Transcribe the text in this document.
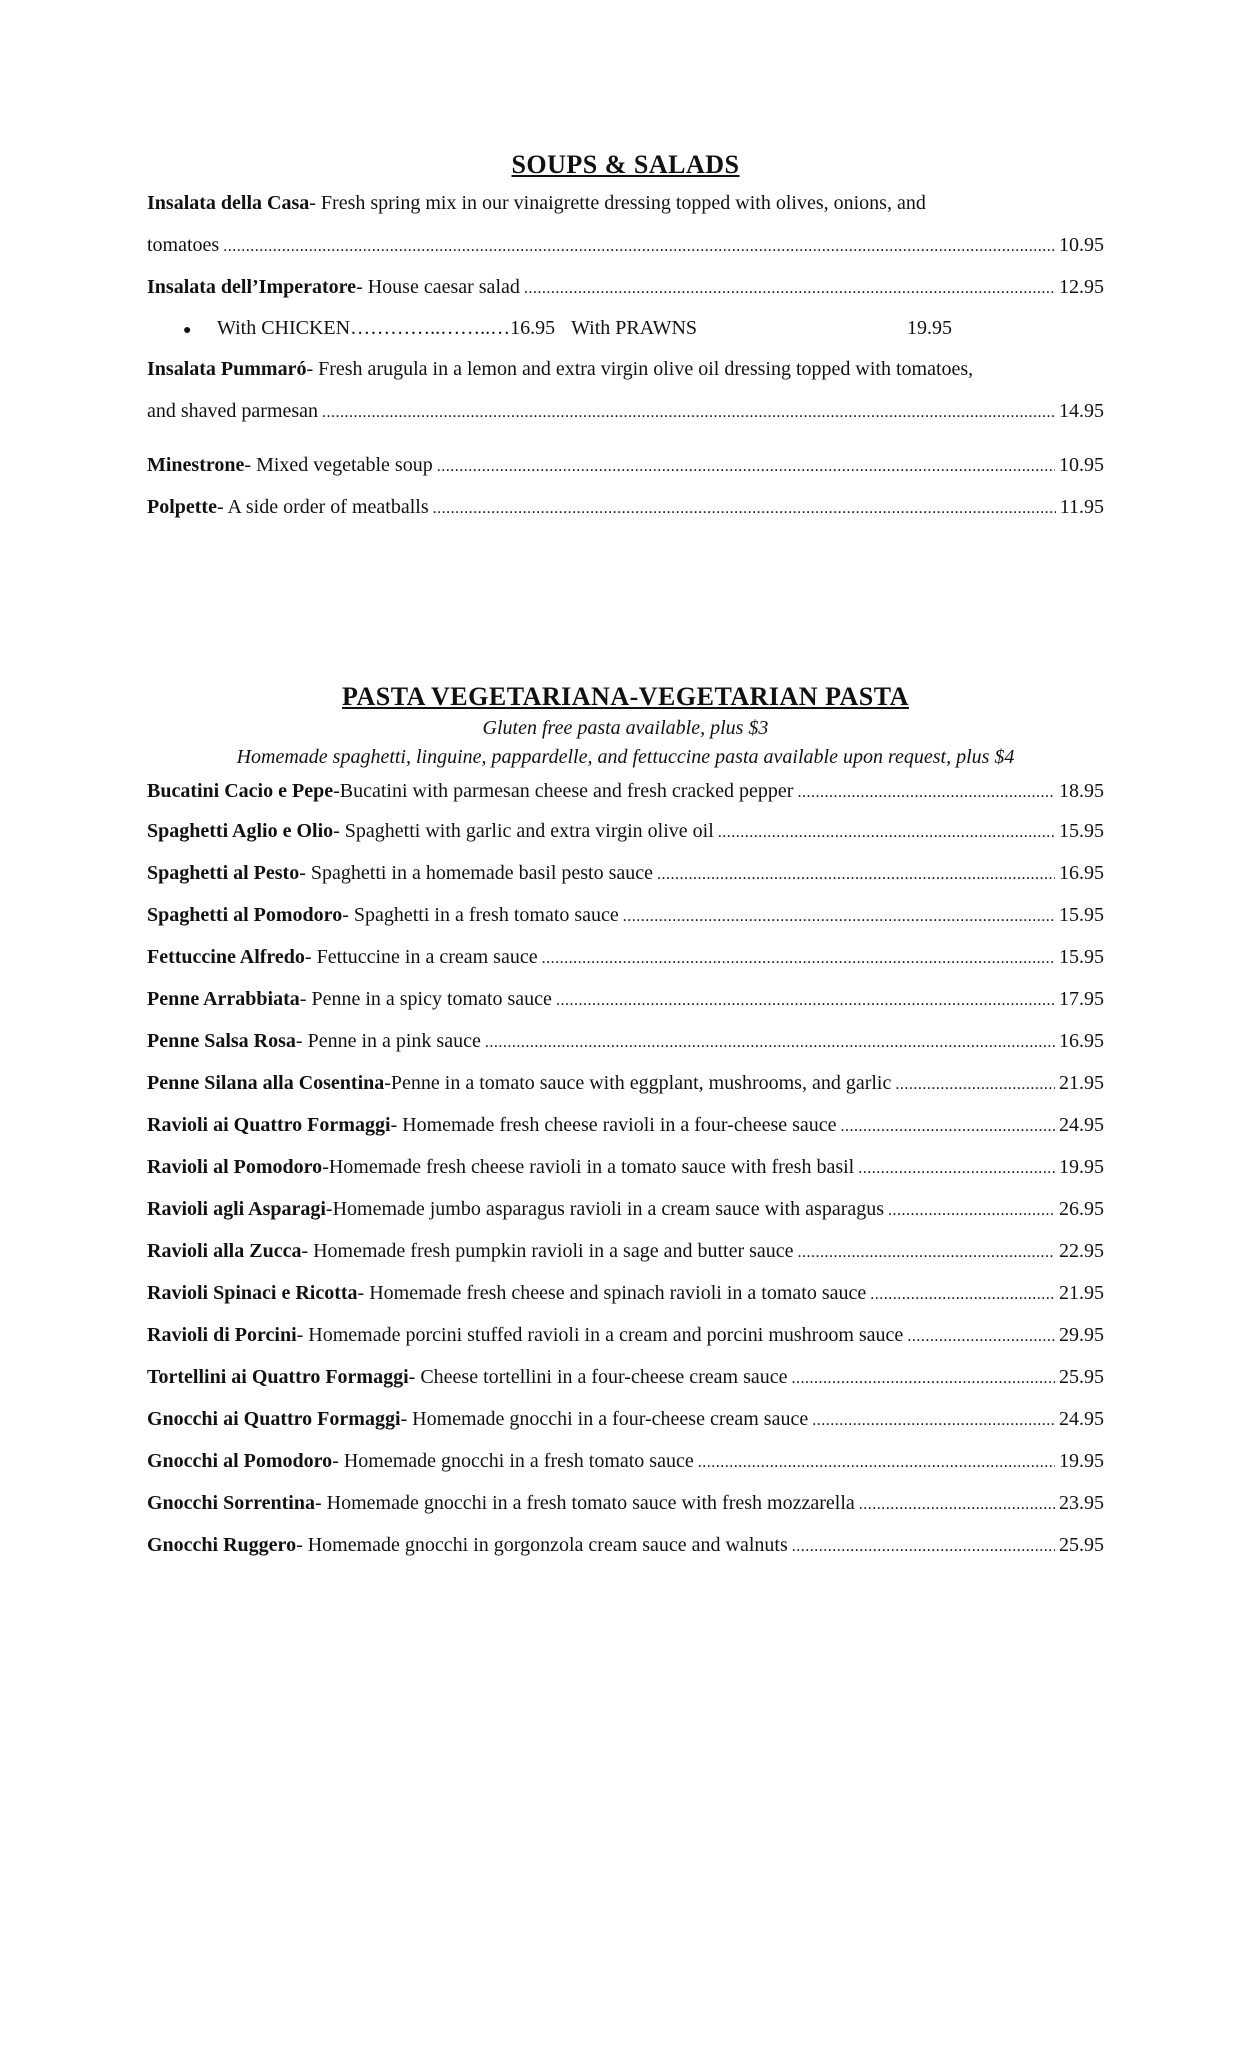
SOUPS & SALADS
Insalata della Casa- Fresh spring mix in our vinaigrette dressing topped with olives, onions, and
tomatoes .....	10.95
Insalata dell’Imperatore - House caesar salad .....	12.95
●	With CHICKEN …………..……..… 16.95 With PRAWNS	19.95
Insalata Pummaró- Fresh arugula in a lemon and extra virgin olive oil dressing topped with tomatoes,
and shaved parmesan .....	14.95
Minestrone - Mixed vegetable soup .....	10.95
Polpette - A side order of meatballs .....	11.95
PASTA VEGETARIANA-VEGETARIAN PASTA

Gluten free pasta available, plus $3

Homemade spaghetti, linguine, pappardelle, and fettuccine pasta available upon request, plus $4

Bucatini Cacio e Pepe -Bucatini with parmesan cheese and fresh cracked pepper .....	18.95
Spaghetti Aglio e Olio - Spaghetti with garlic and extra virgin olive oil .....	15.95
Spaghetti al Pesto - Spaghetti in a homemade basil pesto sauce .....	16.95
Spaghetti al Pomodoro - Spaghetti in a fresh tomato sauce .....	15.95
Fettuccine Alfredo - Fettuccine in a cream sauce .....	15.95
Penne Arrabbiata - Penne in a spicy tomato sauce .....	17.95
Penne Salsa Rosa - Penne in a pink sauce .....	16.95
Penne Silana alla Cosentina -Penne in a tomato sauce with eggplant, mushrooms, and garlic .....	21.95
Ravioli ai Quattro Formaggi - Homemade fresh cheese ravioli in a four-cheese sauce .....	24.95
Ravioli al Pomodoro -Homemade fresh cheese ravioli in a tomato sauce with fresh basil .....	19.95
Ravioli agli Asparagi -Homemade jumbo asparagus ravioli in a cream sauce with asparagus .....	26.95
Ravioli alla Zucca - Homemade fresh pumpkin ravioli in a sage and butter sauce .....	22.95
Ravioli Spinaci e Ricotta - Homemade fresh cheese and spinach ravioli in a tomato sauce .....	21.95
Ravioli di Porcini - Homemade porcini stuffed ravioli in a cream and porcini mushroom sauce .....	29.95
Tortellini ai Quattro Formaggi - Cheese tortellini in a four-cheese cream sauce .....	25.95
Gnocchi ai Quattro Formaggi - Homemade gnocchi in a four-cheese cream sauce .....	24.95
Gnocchi al Pomodoro - Homemade gnocchi in a fresh tomato sauce .....	19.95
Gnocchi Sorrentina - Homemade gnocchi in a fresh tomato sauce with fresh mozzarella .....	23.95
Gnocchi Ruggero - Homemade gnocchi in gorgonzola cream sauce and walnuts .....	25.95
